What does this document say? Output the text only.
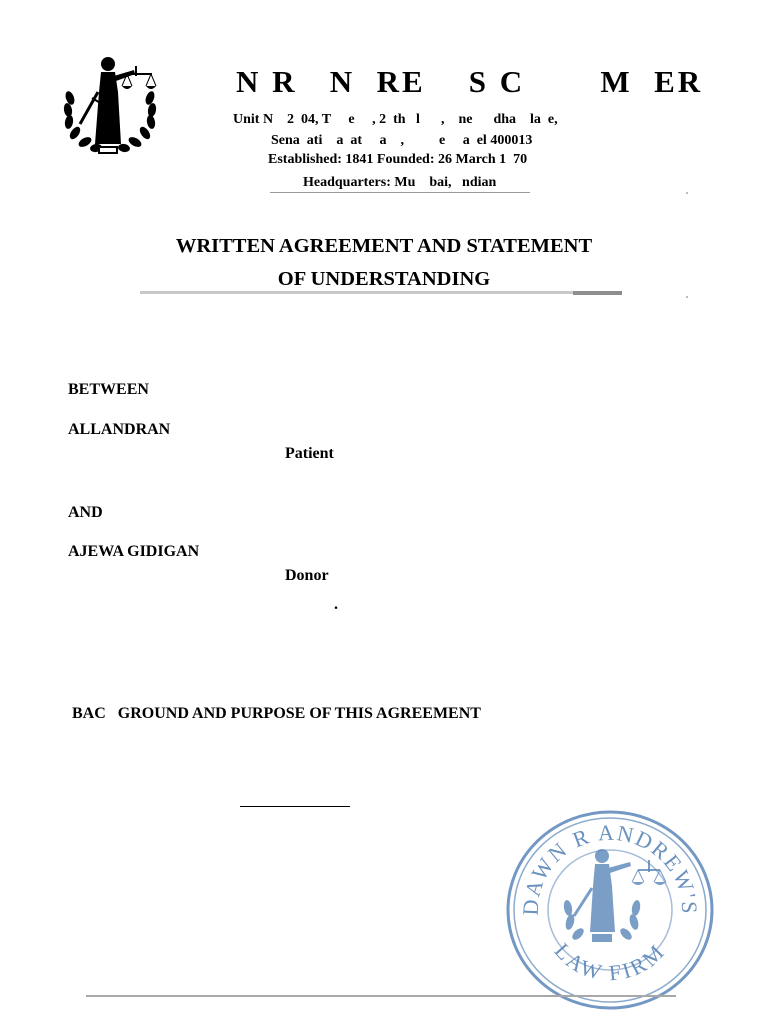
N R   N  RE    S C       M  ER
Unit N    2  04, T     e     , 2  th   l      ,    ne      dha    la  e,
Sena  ati    a  at     a    ,          e     a  el 400013
Established: 1841 Founded: 26 March 1  70
Headquarters: Mu    bai,   ndian
WRITTEN AGREEMENT AND STATEMENT
OF UNDERSTANDING
BETWEEN
ALLANDRAN
Patient
AND
AJEWA GIDIGAN
Donor
.
BAC   GROUND AND PURPOSE OF THIS AGREEMENT
DAWN R ANDREW'S
LAW FIRM
